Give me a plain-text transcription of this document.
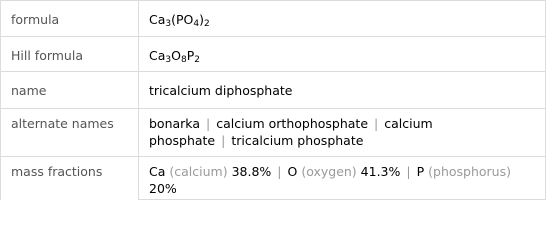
formula	$Ca_3(PO_4)_2$

Hill formula	$Ca_3O_8P_2$

name	tricalcium diphosphate

alternate names	bonarka | calcium orthophosphate | calcium phosphate | tricalcium phosphate

mass fractions	Ca (calcium) 38.8% | O (oxygen) 41.3% | P (phosphorus) 20%
